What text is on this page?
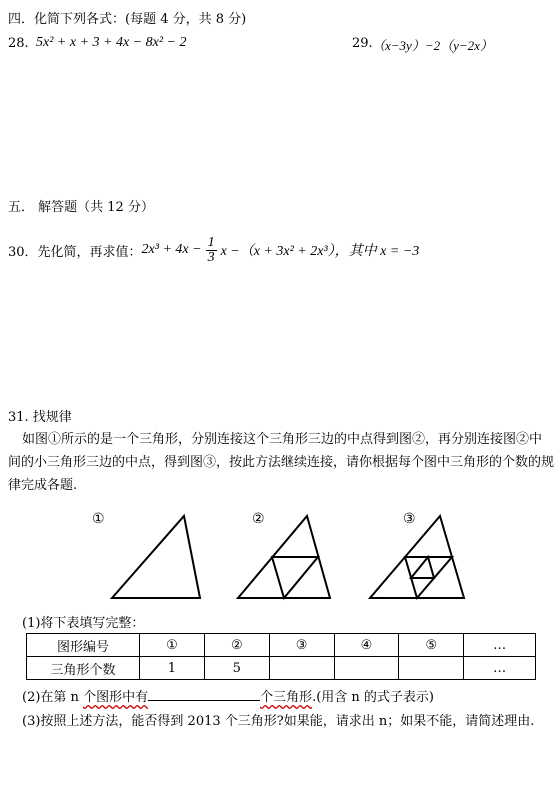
四．化简下列各式：(每题 4 分，共 8 分)
28. 5x² + x + 3 + 4x − 8x² − 2	29. （x−3y）−2（y−2x）
五． 解答题（共 12 分）
30．先化简，再求值： $2x^3 + 4x - \frac{1}{3}$ x −（x + 3x² + 2x³），其中 x = −3
31. 找规律
如图①所示的是一个三角形，分别连接这个三角形三边的中点得到图②，再分别连接图②中间的小三角形三边的中点，得到图③，按此方法继续连接，请你根据每个图中三角形的个数的规律完成各题.
①	②	③
(1)将下表填写完整：
图形编号	①	②	③	④	⑤	…
三角形个数	1	5				…
(2)在第 n 个图形中有	个三角形.(用含 n 的式子表示)
(3)按照上述方法，能否得到 2013 个三角形?如果能，请求出 n；如果不能，请简述理由.
